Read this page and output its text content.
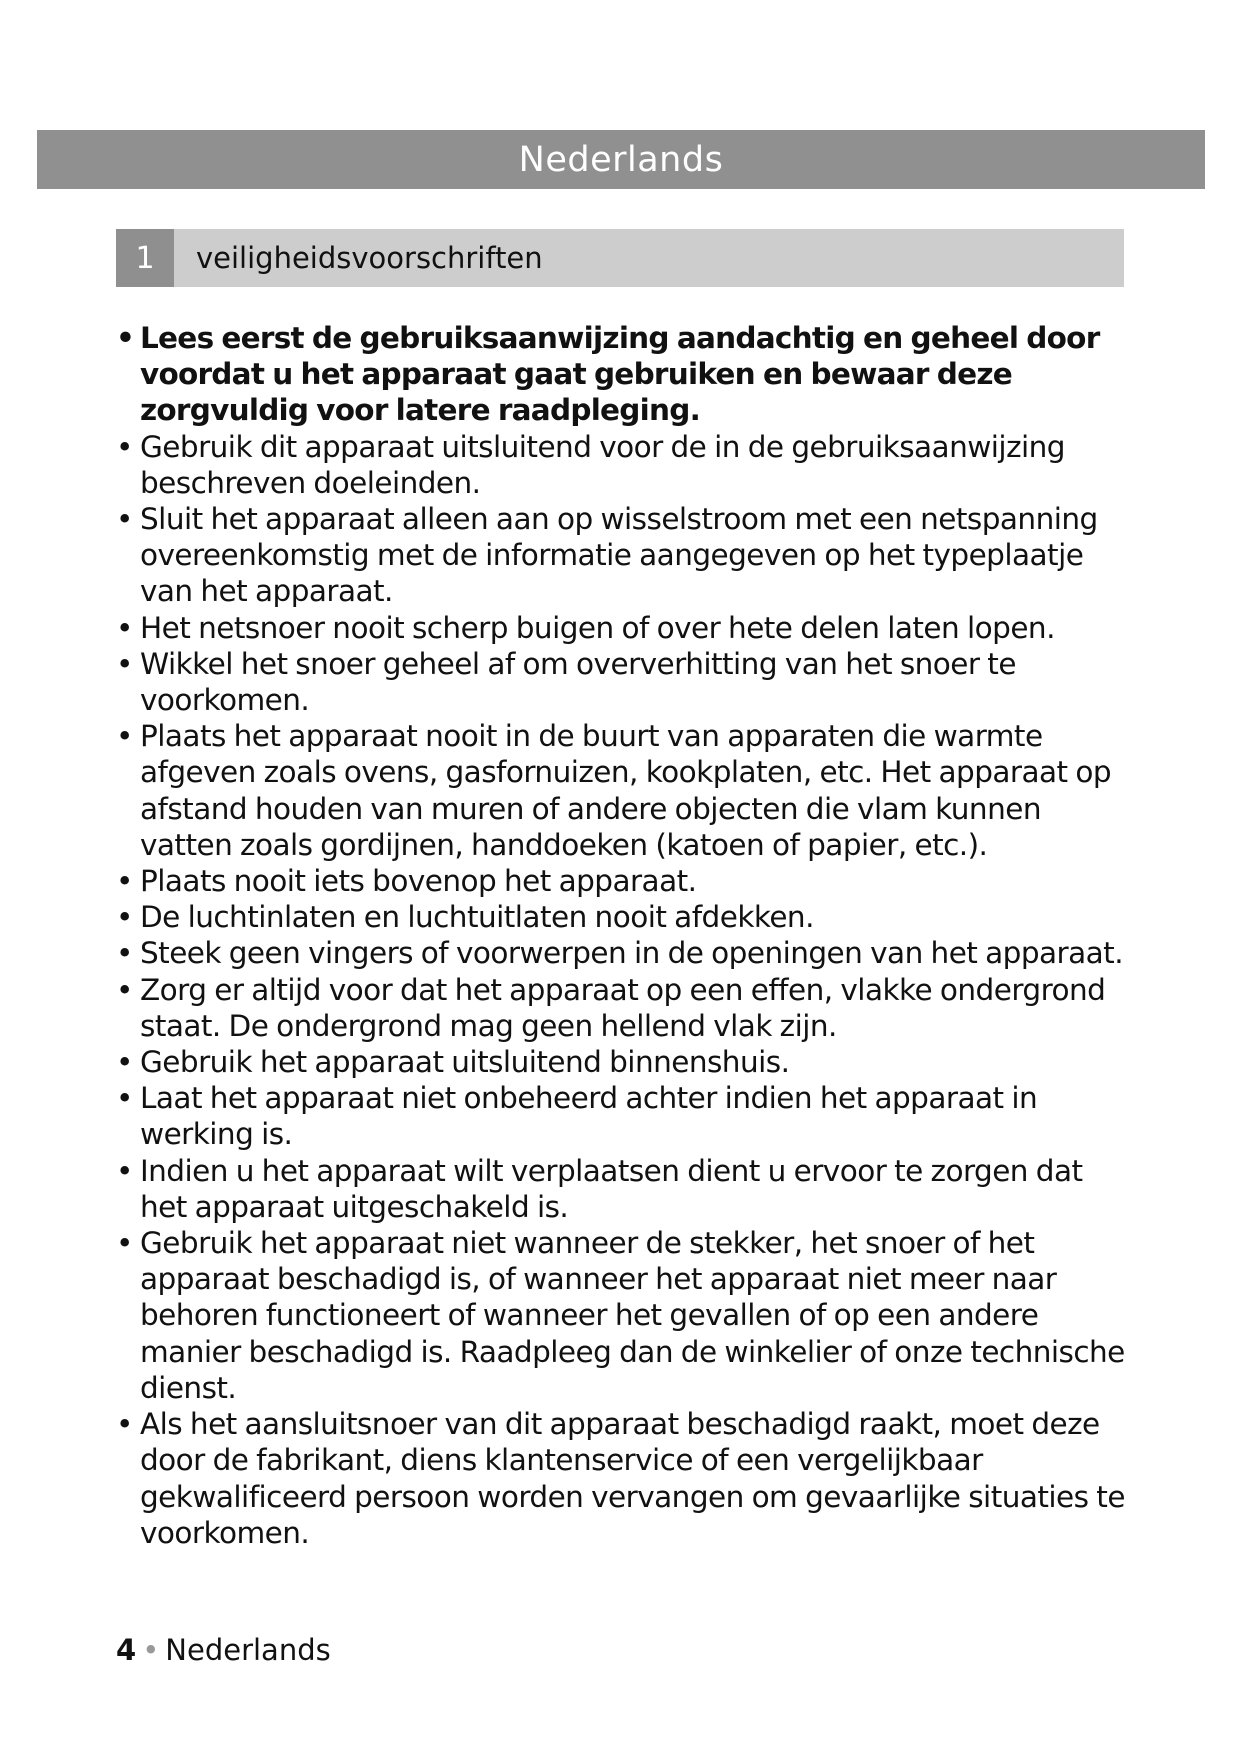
Nederlands
1	veiligheidsvoorschriften
• Lees eerst de gebruiksaanwijzing aandachtig en geheel door voordat u het apparaat gaat gebruiken en bewaar deze zorgvuldig voor latere raadpleging.
• Gebruik dit apparaat uitsluitend voor de in de gebruiksaanwijzing beschreven doeleinden.
• Sluit het apparaat alleen aan op wisselstroom met een netspanning overeenkomstig met de informatie aangegeven op het typeplaatje van het apparaat.
• Het netsnoer nooit scherp buigen of over hete delen laten lopen.
• Wikkel het snoer geheel af om oververhitting van het snoer te voorkomen.
• Plaats het apparaat nooit in de buurt van apparaten die warmte afgeven zoals ovens, gasfornuizen, kookplaten, etc. Het apparaat op afstand houden van muren of andere objecten die vlam kunnen vatten zoals gordijnen, handdoeken (katoen of papier, etc.).
• Plaats nooit iets bovenop het apparaat.
• De luchtinlaten en luchtuitlaten nooit afdekken.
• Steek geen vingers of voorwerpen in de openingen van het apparaat.
• Zorg er altijd voor dat het apparaat op een effen, vlakke ondergrond staat. De ondergrond mag geen hellend vlak zijn.
• Gebruik het apparaat uitsluitend binnenshuis.
• Laat het apparaat niet onbeheerd achter indien het apparaat in werking is.
• Indien u het apparaat wilt verplaatsen dient u ervoor te zorgen dat het apparaat uitgeschakeld is.
• Gebruik het apparaat niet wanneer de stekker, het snoer of het apparaat beschadigd is, of wanneer het apparaat niet meer naar behoren functioneert of wanneer het gevallen of op een andere manier beschadigd is. Raadpleeg dan de winkelier of onze technische dienst.
• Als het aansluitsnoer van dit apparaat beschadigd raakt, moet deze door de fabrikant, diens klantenservice of een vergelijkbaar gekwalificeerd persoon worden vervangen om gevaarlijke situaties te voorkomen.
4 • Nederlands
